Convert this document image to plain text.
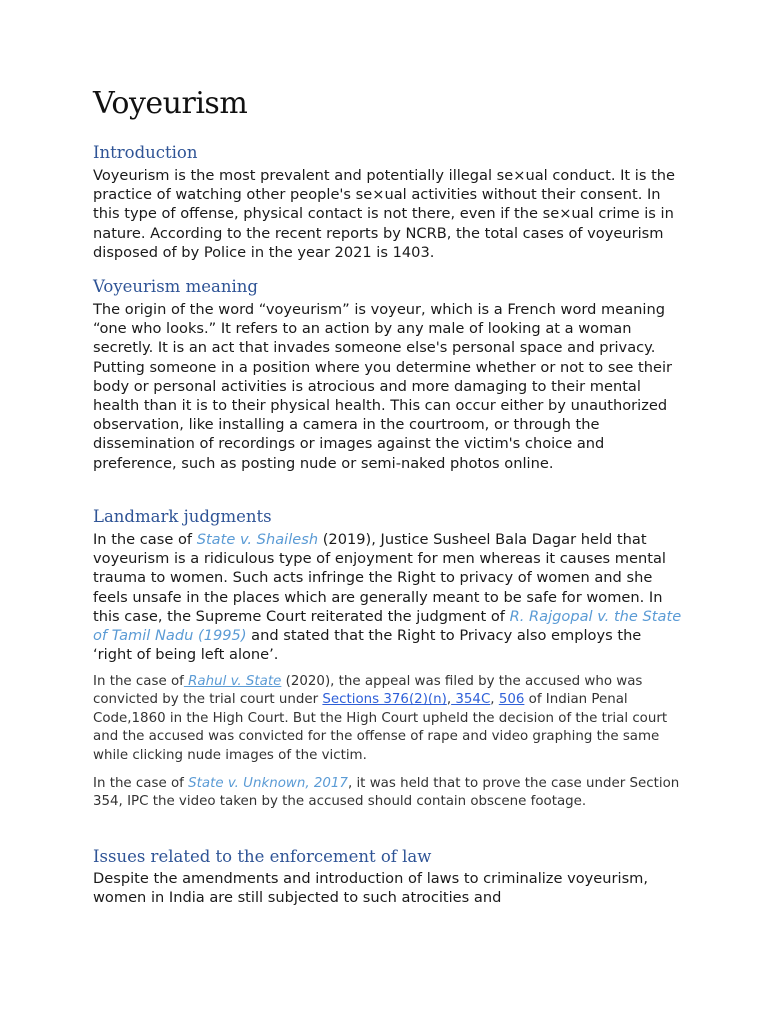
Voyeurism
Introduction

Voyeurism is the most prevalent and potentially illegal se×ual conduct. It is the practice of watching other people's se×ual activities without their consent. In this type of offense, physical contact is not there, even if the se×ual crime is in nature. According to the recent reports by NCRB, the total cases of voyeurism disposed of by Police in the year 2021 is 1403.

Voyeurism meaning

The origin of the word “voyeurism” is voyeur, which is a French word meaning “one who looks.” It refers to an action by any male of looking at a woman secretly. It is an act that invades someone else's personal space and privacy. Putting someone in a position where you determine whether or not to see their body or personal activities is atrocious and more damaging to their mental health than it is to their physical health. This can occur either by unauthorized observation, like installing a camera in the courtroom, or through the dissemination of recordings or images against the victim's choice and preference, such as posting nude or semi-naked photos online.

Landmark judgments

In the case of State v. Shailesh (2019), Justice Susheel Bala Dagar held that voyeurism is a ridiculous type of enjoyment for men whereas it causes mental trauma to women. Such acts infringe the Right to privacy of women and she feels unsafe in the places which are generally meant to be safe for women. In this case, the Supreme Court reiterated the judgment of R. Rajgopal v. the State of Tamil Nadu (1995) and stated that the Right to Privacy also employs the ‘right of being left alone’.

In the case of Rahul v. State (2020), the appeal was filed by the accused who was convicted by the trial court under Sections 376(2)(n), 354C, 506 of Indian Penal Code,1860 in the High Court. But the High Court upheld the decision of the trial court and the accused was convicted for the offense of rape and video graphing the same while clicking nude images of the victim.

In the case of State v. Unknown, 2017, it was held that to prove the case under Section 354, IPC the video taken by the accused should contain obscene footage.

Issues related to the enforcement of law

Despite the amendments and introduction of laws to criminalize voyeurism, women in India are still subjected to such atrocities and
